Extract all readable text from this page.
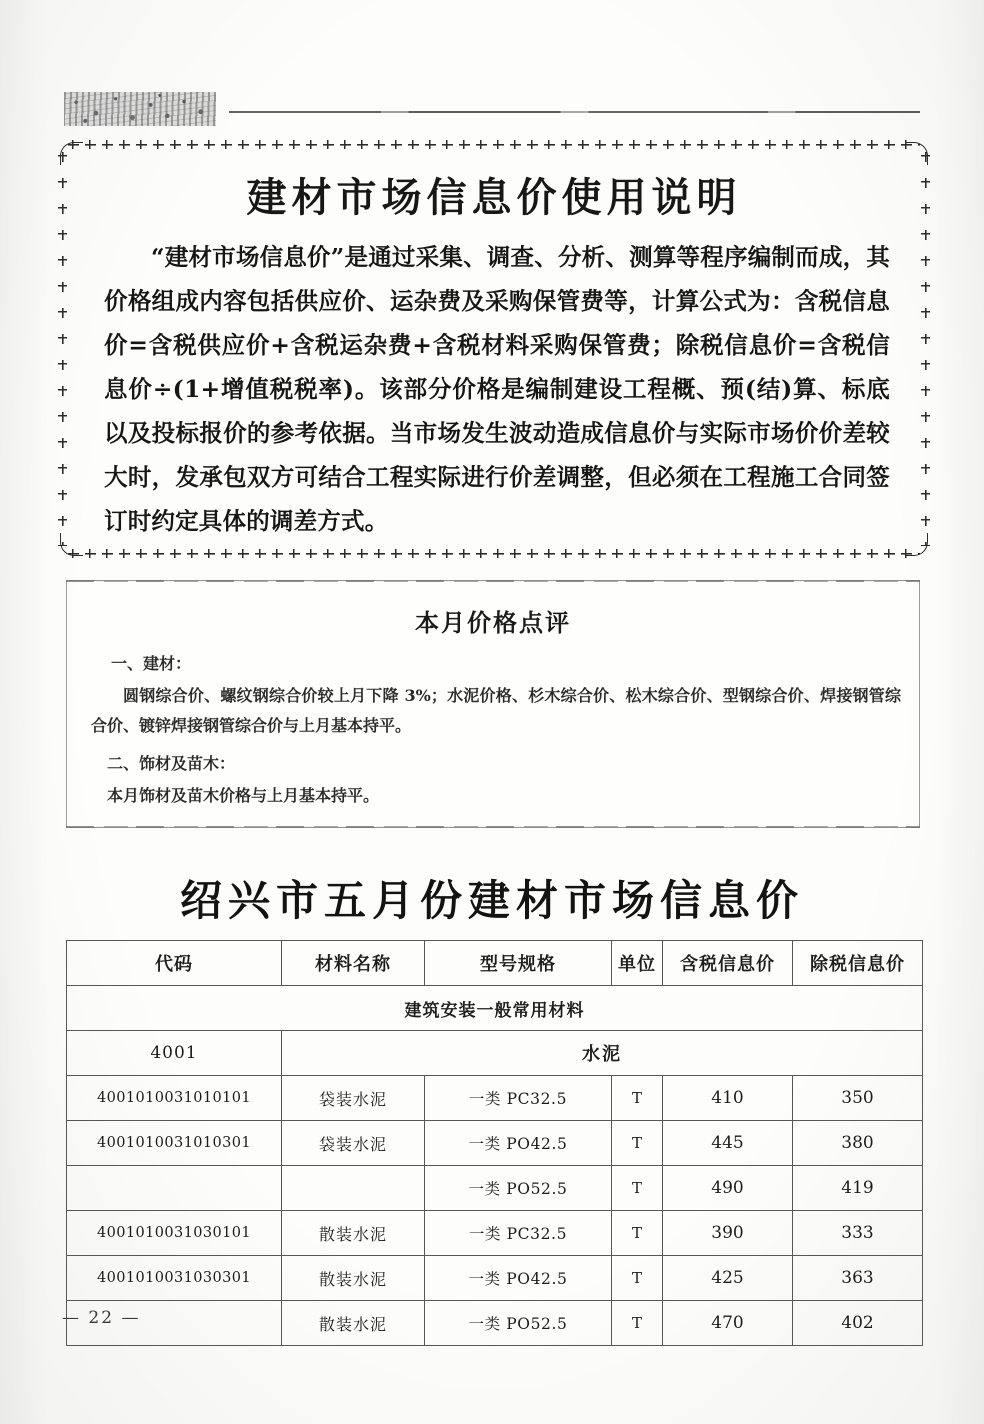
建材市场信息价使用说明
“建材市场信息价”是通过采集、调查、分析、测算等程序编制而成，其价格组成内容包括供应价、运杂费及采购保管费等，计算公式为：含税信息价=含税供应价+含税运杂费+含税材料采购保管费；除税信息价=含税信息价÷(1+增值税税率)。该部分价格是编制建设工程概、预(结)算、标底以及投标报价的参考依据。当市场发生波动造成信息价与实际市场价价差较大时，发承包双方可结合工程实际进行价差调整，但必须在工程施工合同签订时约定具体的调差方式。
本月价格点评
一、建材：
圆钢综合价、螺纹钢综合价较上月下降 3%；水泥价格、杉木综合价、松木综合价、型钢综合价、焊接钢管综合价、镀锌焊接钢管综合价与上月基本持平。
二、饰材及苗木：
本月饰材及苗木价格与上月基本持平。
绍兴市五月份建材市场信息价
代码	材料名称	型号规格	单位	含税信息价	除税信息价
建筑安装一般常用材料					
4001	水泥				
4001010031010101	袋装水泥	一类 PC32.5	T	410	350
4001010031010301	袋装水泥	一类 PO42.5	T	445	380
		一类 PO52.5	T	490	419
4001010031030101	散装水泥	一类 PC32.5	T	390	333
4001010031030301	散装水泥	一类 PO42.5	T	425	363
	散装水泥	一类 PO52.5	T	470	402
— 22 —
